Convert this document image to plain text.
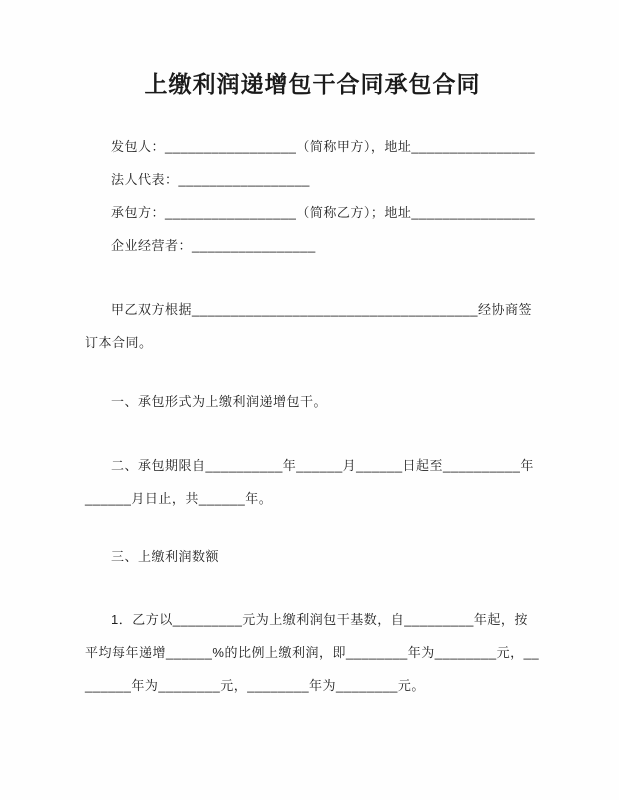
上缴利润递增包干合同承包合同

发包人：_________________（简称甲方），地址________________

法人代表：_________________

承包方：_________________（简称乙方）；地址________________

企业经营者：________________

甲乙双方根据_____________________________________经协商签订本合同。

一、承包形式为上缴利润递增包干。

二、承包期限自__________年______月______日起至__________年______月日止，共______年。

三、上缴利润数额

1．乙方以_________元为上缴利润包干基数，自_________年起，按平均每年递增______%的比例上缴利润，即________年为________元，________年为________元，________年为________元。
